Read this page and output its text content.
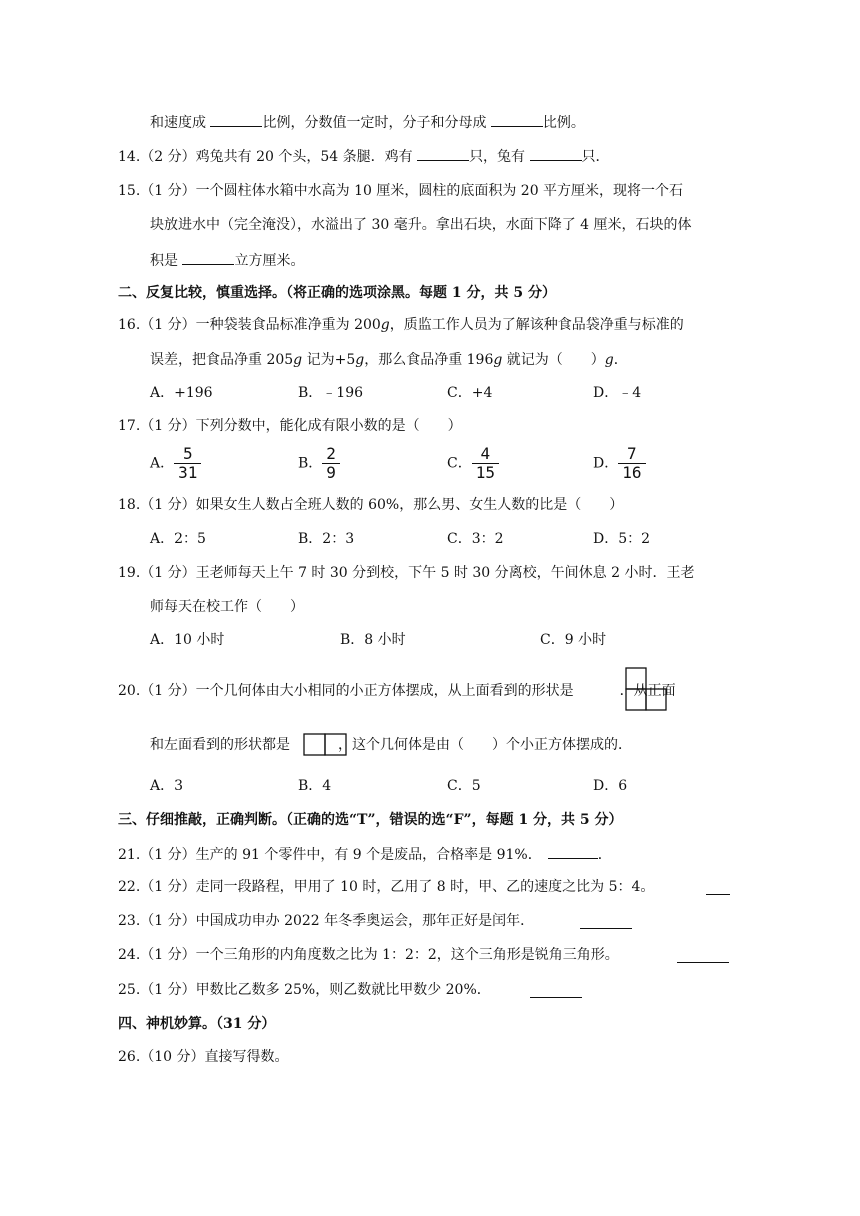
和速度成	比例，分数值一定时，分子和分母成	比例。
14.（2 分）鸡兔共有 20 个头，54 条腿．鸡有	只，兔有	只．
15.（1 分）一个圆柱体水箱中水高为 10 厘米，圆柱的底面积为 20 平方厘米，现将一个石
块放进水中（完全淹没），水溢出了 30 毫升。拿出石块，水面下降了 4 厘米，石块的体
积是	立方厘米。
二、反复比较，慎重选择。（将正确的选项涂黑。每题 1 分，共 5 分）
16.（1 分）一种袋装食品标准净重为 200g，质监工作人员为了解该种食品袋净重与标准的
误差，把食品净重 205g 记为+5g，那么食品净重 196g 就记为（　　）g．
A．+196	B．﹣196	C．+4	D．﹣4
17.（1 分）下列分数中，能化成有限小数的是（　　）
A． $\frac{5}{31}$	B． $\frac{2}{9}$	C． $\frac{4}{15}$	D． $\frac{7}{16}$
18.（1 分）如果女生人数占全班人数的 60%，那么男、女生人数的比是（　　）
A．2：5	B．2：3	C．3：2	D．5：2
19.（1 分）王老师每天上午 7 时 30 分到校，下午 5 时 30 分离校，午间休息 2 小时．王老
师每天在校工作（　　）
A．10 小时	B．8 小时	C．9 小时
20.（1 分）一个几何体由大小相同的小正方体摆成，从上面看到的形状是	．从正面
和左面看到的形状都是	，这个几何体是由（　　）个小正方体摆成的．
A．3	B．4	C．5	D．6
三、仔细推敲，正确判断。（正确的选“T”，错误的选“F”，每题 1 分，共 5 分）
21.（1 分）生产的 91 个零件中，有 9 个是废品，合格率是 91%．	．
22.（1 分）走同一段路程，甲用了 10 时，乙用了 8 时，甲、乙的速度之比为 5：4。
23.（1 分）中国成功申办 2022 年冬季奥运会，那年正好是闰年．
24.（1 分）一个三角形的内角度数之比为 1：2：2，这个三角形是锐角三角形。
25.（1 分）甲数比乙数多 25%，则乙数就比甲数少 20%．
四、神机妙算。（31 分）
26.（10 分）直接写得数。
